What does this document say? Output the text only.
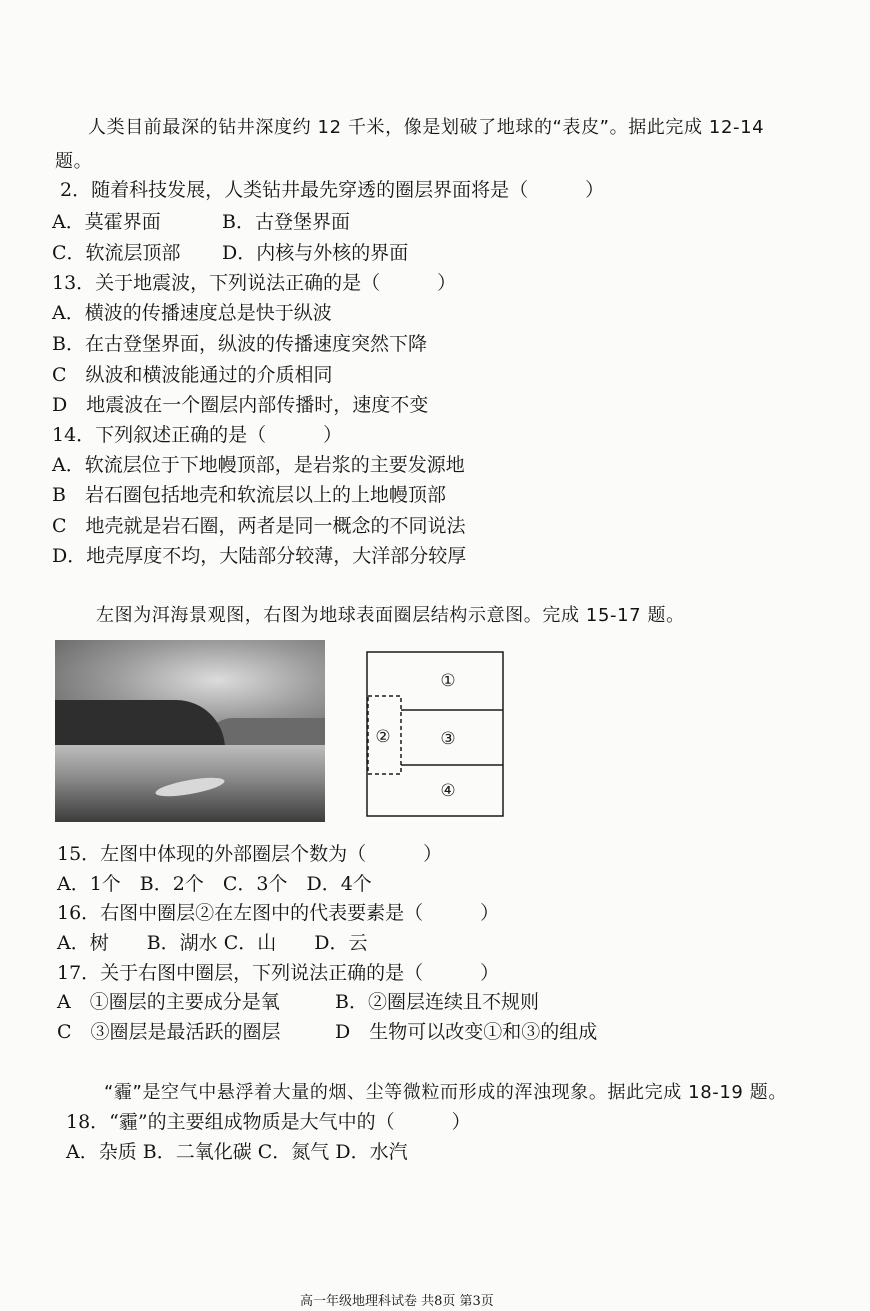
人类目前最深的钻井深度约 12 千米，像是划破了地球的“表皮”。据此完成 12-14
题。
2．随着科技发展，人类钻井最先穿透的圈层界面将是（　　　）
A．莫霍界面	B．古登堡界面
C．软流层顶部 D．内核与外核的界面
13．关于地震波，下列说法正确的是（　　　）
A．横波的传播速度总是快于纵波
B．在古登堡界面，纵波的传播速度突然下降
C　纵波和横波能通过的介质相同
D　地震波在一个圈层内部传播时，速度不变
14．下列叙述正确的是（　　　）
A．软流层位于下地幔顶部，是岩浆的主要发源地
B　岩石圈包括地壳和软流层以上的上地幔顶部
C　地壳就是岩石圈，两者是同一概念的不同说法
D．地壳厚度不均，大陆部分较薄，大洋部分较厚
左图为洱海景观图，右图为地球表面圈层结构示意图。完成 15-17 题。
①
②	③
④
15．左图中体现的外部圈层个数为（　　　）
A．1个　B．2个　C．3个　D．4个
16．右图中圈层②在左图中的代表要素是（　　　）
A．树　　B．湖水 C．山　　D．云
17．关于右图中圈层，下列说法正确的是（　　　）
A　①圈层的主要成分是氧	B．②圈层连续且不规则
C　③圈层是最活跃的圈层	D　生物可以改变①和③的组成
“霾”是空气中悬浮着大量的烟、尘等微粒而形成的浑浊现象。据此完成 18-19 题。
18．“霾”的主要组成物质是大气中的（　　　）
A．杂质 B．二氧化碳 C．氮气 D．水汽
高一年级地理科试卷 共8页 第3页
